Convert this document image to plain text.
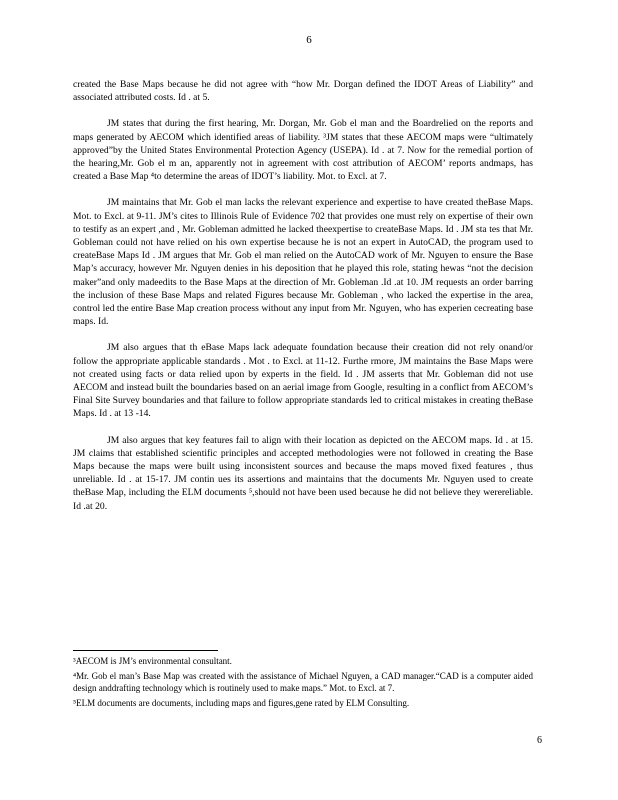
6

created the Base Maps because he did not agree with “how Mr. Dorgan defined the IDOT Areas of Liability” and associated attributed costs. Id . at 5.

JM states that during the first hearing, Mr. Dorgan, Mr. Gob el man and the Boardrelied on the reports and maps generated by AECOM which identified areas of liability. ³JM states that these AECOM maps were “ultimately approved”by the United States Environmental Protection Agency (USEPA). Id . at 7. Now for the remedial portion of the hearing,Mr. Gob el m an, apparently not in agreement with cost attribution of AECOM’ reports andmaps, has created a Base Map ⁴to determine the areas of IDOT’s liability. Mot. to Excl. at 7.

JM maintains that Mr. Gob el man lacks the relevant experience and expertise to have created theBase Maps. Mot. to Excl. at 9-11. JM’s cites to Illinois Rule of Evidence 702 that provides one must rely on expertise of their own to testify as an expert ,and , Mr. Gobleman admitted he lacked theexpertise to createBase Maps. Id . JM sta tes that Mr. Gobleman could not have relied on his own expertise because he is not an expert in AutoCAD, the program used to createBase Maps Id . JM argues that Mr. Gob el man relied on the AutoCAD work of Mr. Nguyen to ensure the Base Map’s accuracy, however Mr. Nguyen denies in his deposition that he played this role, stating hewas “not the decision maker”and only madeedits to the Base Maps at the direction of Mr. Gobleman .Id .at 10. JM requests an order barring the inclusion of these Base Maps and related Figures because Mr. Gobleman , who lacked the expertise in the area, control led the entire Base Map creation process without any input from Mr. Nguyen, who has experien cecreating base maps. Id.

JM also argues that th eBase Maps lack adequate foundation because their creation did not rely onand/or follow the appropriate applicable standards . Mot . to Excl. at 11-12. Furthe rmore, JM maintains the Base Maps were not created using facts or data relied upon by experts in the field. Id . JM asserts that Mr. Gobleman did not use AECOM and instead built the boundaries based on an aerial image from Google, resulting in a conflict from AECOM’s Final Site Survey boundaries and that failure to follow appropriate standards led to critical mistakes in creating theBase Maps. Id . at 13 -14.

JM also argues that key features fail to align with their location as depicted on the AECOM maps. Id . at 15. JM claims that established scientific principles and accepted methodologies were not followed in creating the Base Maps because the maps were built using inconsistent sources and because the maps moved fixed features , thus unreliable. Id . at 15-17. JM contin ues its assertions and maintains that the documents Mr. Nguyen used to create theBase Map, including the ELM documents ⁵,should not have been used because he did not believe they werereliable. Id .at 20.

³AECOM is JM’s environmental consultant.

⁴Mr. Gob el man’s Base Map was created with the assistance of Michael Nguyen, a CAD manager.“CAD is a computer aided design anddrafting technology which is routinely used to make maps.” Mot. to Excl. at 7.

⁵ELM documents are documents, including maps and figures,gene rated by ELM Consulting.

6
